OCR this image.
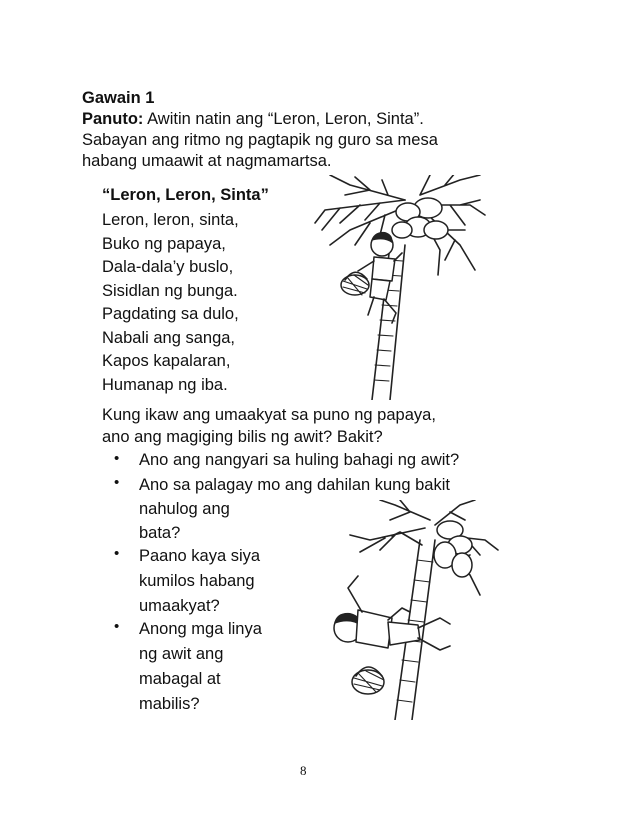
Gawain 1
Panuto: Awitin natin ang “Leron, Leron, Sinta”.
Sabayan ang ritmo ng pagtapik ng guro sa mesa
habang umaawit at nagmamartsa.
“Leron, Leron, Sinta”
Leron, leron, sinta,
Buko ng papaya,
Dala-dala’y buslo,
Sisidlan ng bunga.
Pagdating sa dulo,
Nabali ang sanga,
Kapos kapalaran,
Humanap ng iba.
Kung ikaw ang umaakyat sa puno ng papaya,
ano ang magiging bilis ng awit? Bakit?
• Ano ang nangyari sa huling bahagi ng awit?
• Ano sa palagay mo ang dahilan kung bakit
nahulog ang
bata?
• Paano kaya siya
kumilos habang
umaakyat?
• Anong mga linya
ng awit ang
mabagal at
mabilis?
8
